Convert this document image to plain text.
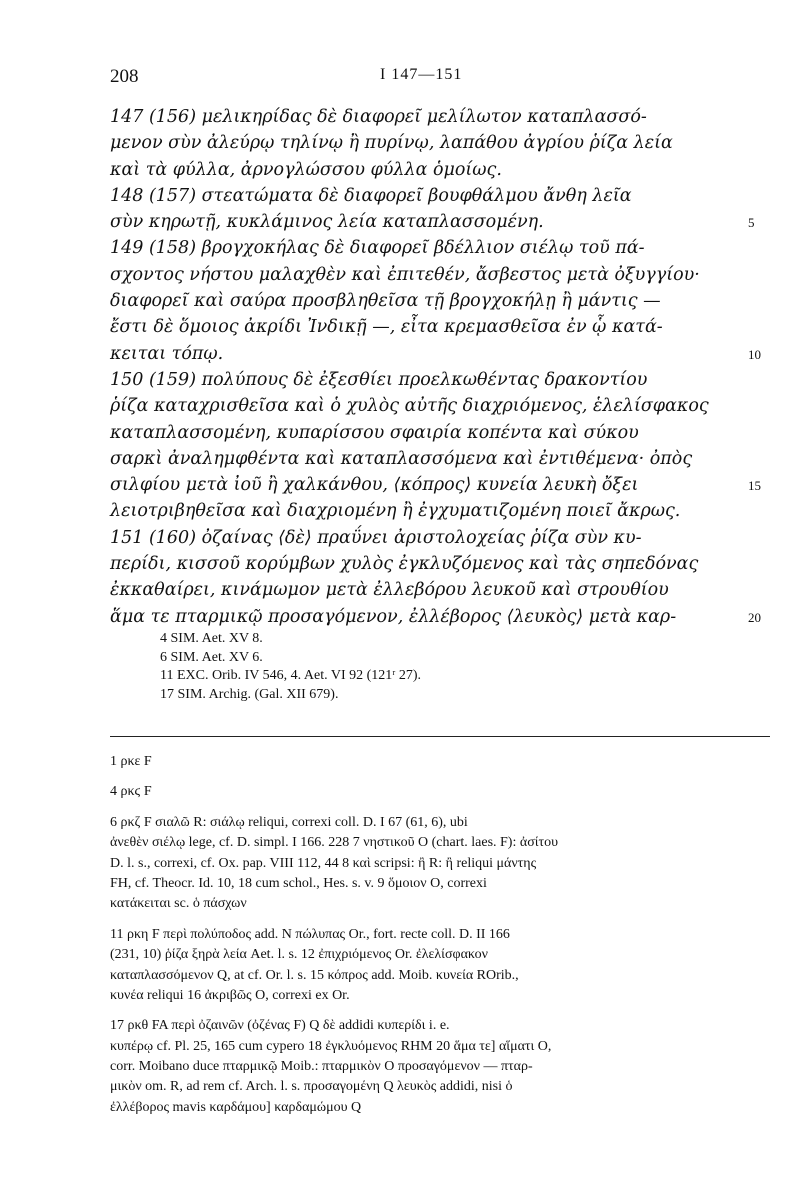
208	I 147—151
147 (156) μελικηρίδας δὲ διαφορεῖ μελίλωτον καταπλασσό-
μενον σὺν ἀλεύρῳ τηλίνῳ ἢ πυρίνῳ, λαπάθου ἀγρίου ῥίζα λεία
καὶ τὰ φύλλα, ἀρνογλώσσου φύλλα ὁμοίως.
148 (157) στεατώματα δὲ διαφορεῖ βουφθάλμου ἄνθη λεῖα
σὺν κηρωτῇ, κυκλάμινος λεία καταπλασσομένη.
149 (158) βρογχοκήλας δὲ διαφορεῖ βδέλλιον σιέλῳ τοῦ πά-
σχοντος νήστου μαλαχθὲν καὶ ἐπιτεθέν, ἄσβεστος μετὰ ὀξυγγίου·
διαφορεῖ καὶ σαύρα προσβληθεῖσα τῇ βρογχοκήλῃ ἢ μάντις —
ἔστι δὲ ὅμοιος ἀκρίδι Ἰνδικῇ —, εἶτα κρεμασθεῖσα ἐν ᾧ κατά-
κειται τόπῳ.
150 (159) πολύπους δὲ ἐξεσθίει προελκωθέντας δρακοντίου
ῥίζα καταχρισθεῖσα καὶ ὁ χυλὸς αὐτῆς διαχριόμενος, ἑλελίσφακος
καταπλασσομένη, κυπαρίσσου σφαιρία κοπέντα καὶ σύκου
σαρκὶ ἀναλημφθέντα καὶ καταπλασσόμενα καὶ ἐντιθέμενα· ὀπὸς
σιλφίου μετὰ ἰοῦ ἢ χαλκάνθου, ⟨κόπρος⟩ κυνεία λευκὴ ὄξει
λειοτριβηθεῖσα καὶ διαχριομένη ἢ ἐγχυματιζομένη ποιεῖ ἄκρως.
151 (160) ὀζαίνας ⟨δὲ⟩ πραΰνει ἀριστολοχείας ῥίζα σὺν κυ-
περίδι, κισσοῦ κορύμβων χυλὸς ἐγκλυζόμενος καὶ τὰς σηπεδόνας
ἐκκαθαίρει, κινάμωμον μετὰ ἐλλεβόρου λευκοῦ καὶ στρουθίου
ἅμα τε πταρμικῷ προσαγόμενον, ἐλλέβορος ⟨λευκὸς⟩ μετὰ καρ-
5
10
15
20
4 SIM. Aet. XV 8.
6 SIM. Aet. XV 6.
11 EXC. Orib. IV 546, 4. Aet. VI 92 (121ʳ 27).
17 SIM. Archig. (Gal. XII 679).
1 ρκε F
4 ρκϛ F
6 ρκζ F σιαλῶ R: σιάλῳ reliqui, correxi coll. D. I 67 (61, 6), ubi
ἀνεθὲν σιέλῳ lege, cf. D. simpl. I 166. 228 7 νηστικοῦ O (chart. laes. F): ἀσίτου
D. l. s., correxi, cf. Ox. pap. VIII 112, 44 8 καὶ scripsi: ἢ R: ἢ reliqui μάντης
FH, cf. Theocr. Id. 10, 18 cum schol., Hes. s. v. 9 ὅμοιον O, correxi
κατάκειται sc. ὁ πάσχων
11 ρκη F περὶ πολύποδος add. N πώλυπας Or., fort. recte coll. D. II 166
(231, 10) ῥίζα ξηρὰ λεία Aet. l. s. 12 ἐπιχριόμενος Or. ἐλελίσφακον
καταπλασσόμενον Q, at cf. Or. l. s. 15 κόπρος add. Moib. κυνεία ROrib.,
κυνέα reliqui 16 ἀκριβῶς O, correxi ex Or.
17 ρκθ FA περὶ ὀζαινῶν (ὀζένας F) Q δὲ addidi κυπερίδι i. e.
κυπέρῳ cf. Pl. 25, 165 cum cypero 18 ἐγκλυόμενος RHM 20 ἅμα τε] αἵματι O,
corr. Moibano duce πταρμικῷ Moib.: πταρμικὸν O προσαγόμενον — πταρ-
μικὸν om. R, ad rem cf. Arch. l. s. προσαγομένη Q λευκὸς addidi, nisi ὁ
ἐλλέβορος mavis καρδάμου] καρδαμώμου Q
